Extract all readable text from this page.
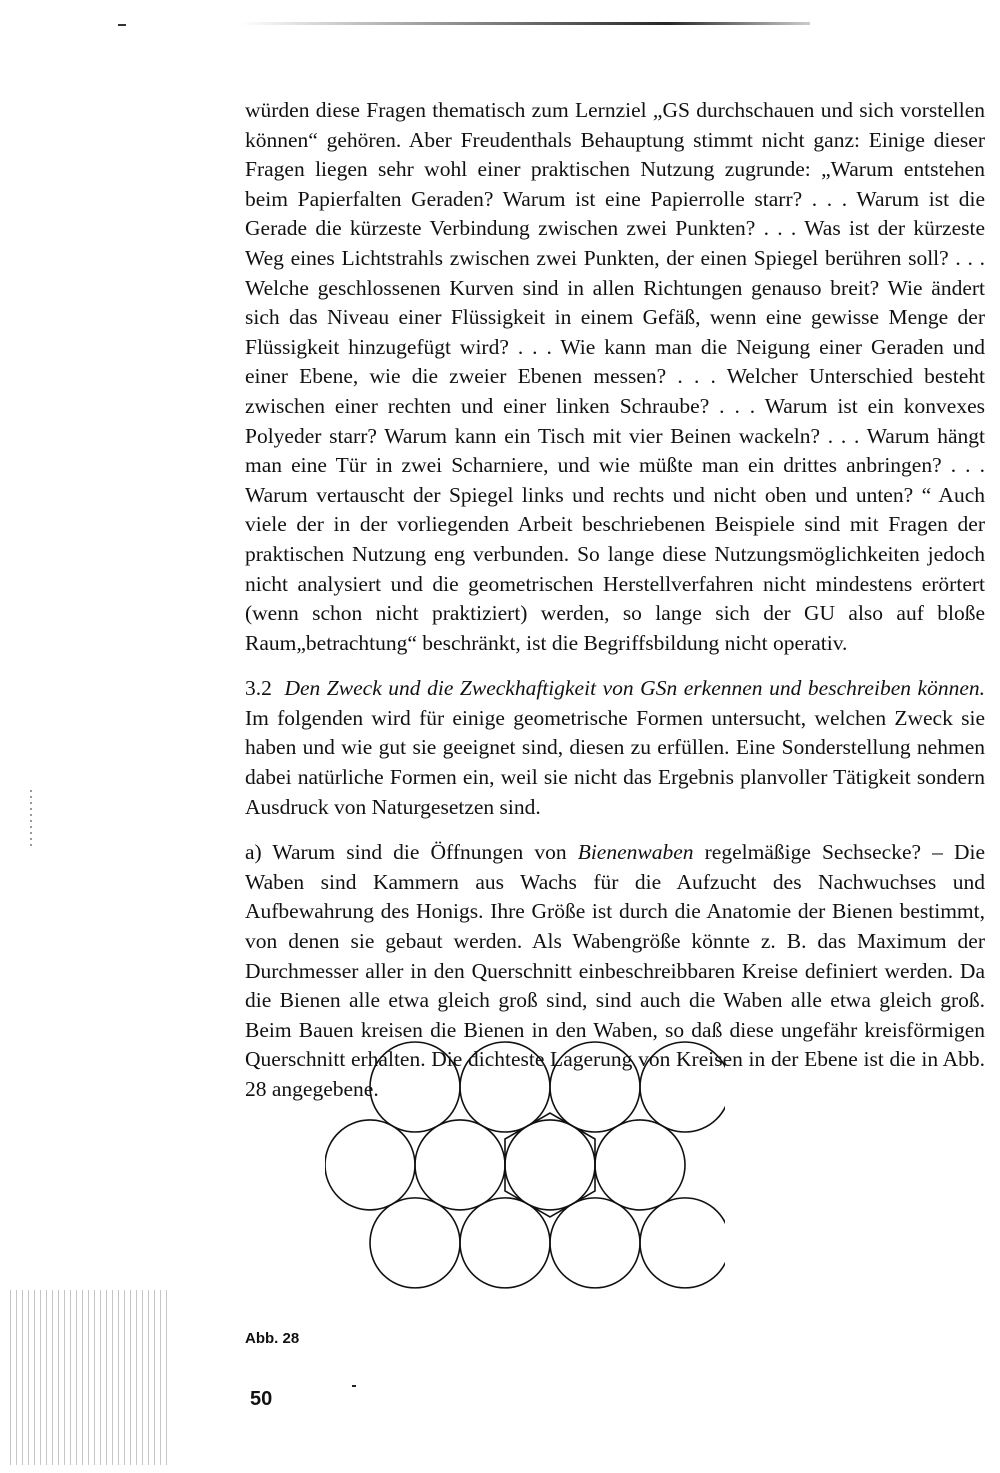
würden diese Fragen thematisch zum Lernziel „GS durchschauen und sich vorstellen können“ gehören. Aber Freudenthals Behauptung stimmt nicht ganz: Einige dieser Fragen liegen sehr wohl einer praktischen Nutzung zugrunde: „Warum entstehen beim Papierfalten Geraden? Warum ist eine Papierrolle starr? . . . Warum ist die Gerade die kürzeste Verbindung zwischen zwei Punkten? . . . Was ist der kürzeste Weg eines Lichtstrahls zwischen zwei Punkten, der einen Spiegel berühren soll? . . . Welche geschlossenen Kurven sind in allen Richtungen genauso breit? Wie ändert sich das Niveau einer Flüssigkeit in einem Gefäß, wenn eine gewisse Menge der Flüssigkeit hinzugefügt wird? . . . Wie kann man die Neigung einer Geraden und einer Ebene, wie die zweier Ebenen messen? . . . Welcher Unterschied besteht zwischen einer rechten und einer linken Schraube? . . . Warum ist ein konvexes Polyeder starr? Warum kann ein Tisch mit vier Beinen wackeln? . . . Warum hängt man eine Tür in zwei Scharniere, und wie müßte man ein drittes anbringen? . . . Warum vertauscht der Spiegel links und rechts und nicht oben und unten? “ Auch viele der in der vorliegenden Arbeit beschriebenen Beispiele sind mit Fragen der praktischen Nutzung eng verbunden. So lange diese Nutzungsmöglichkeiten jedoch nicht analysiert und die geometrischen Herstellverfahren nicht mindestens erörtert (wenn schon nicht praktiziert) werden, so lange sich der GU also auf bloße Raum„betrachtung“ beschränkt, ist die Begriffsbildung nicht operativ.

3.2 Den Zweck und die Zweckhaftigkeit von GSn erkennen und beschreiben können. Im folgenden wird für einige geometrische Formen untersucht, welchen Zweck sie haben und wie gut sie geeignet sind, diesen zu erfüllen. Eine Sonderstellung nehmen dabei natürliche Formen ein, weil sie nicht das Ergebnis planvoller Tätigkeit sondern Ausdruck von Naturgesetzen sind.

a) Warum sind die Öffnungen von Bienenwaben regelmäßige Sechsecke? – Die Waben sind Kammern aus Wachs für die Aufzucht des Nachwuchses und Aufbewahrung des Honigs. Ihre Größe ist durch die Anatomie der Bienen bestimmt, von denen sie gebaut werden. Als Wabengröße könnte z. B. das Maximum der Durchmesser aller in den Querschnitt einbeschreibbaren Kreise definiert werden. Da die Bienen alle etwa gleich groß sind, sind auch die Waben alle etwa gleich groß. Beim Bauen kreisen die Bienen in den Waben, so daß diese ungefähr kreisförmigen Querschnitt erhalten. Die dichteste Lagerung von Kreisen in der Ebene ist die in Abb. 28 angegebene.

Abb. 28
50
